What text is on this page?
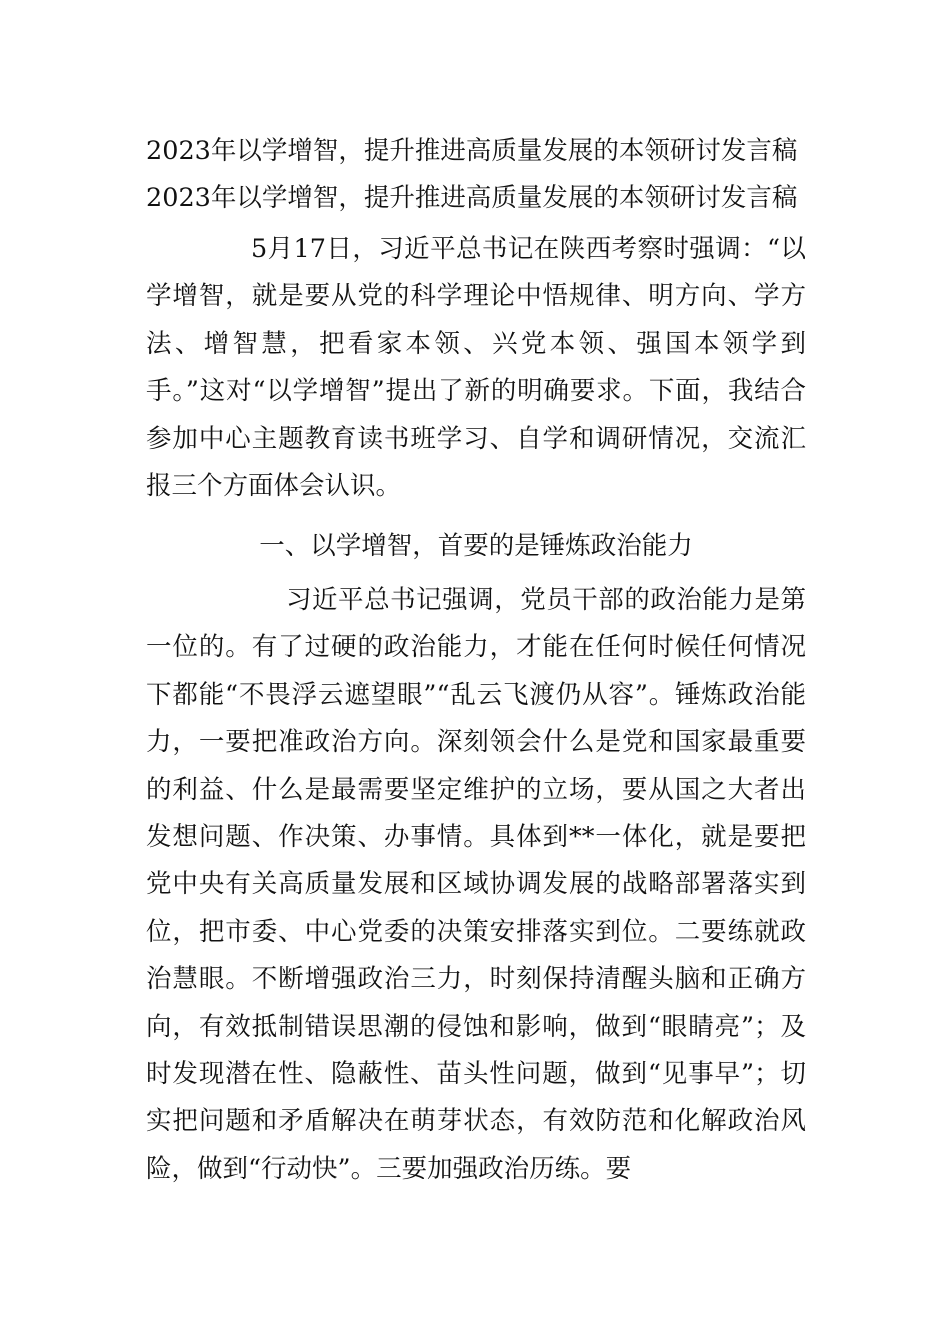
2023年以学增智，提升推进高质量发展的本领研讨发言稿
2023年以学增智，提升推进高质量发展的本领研讨发言稿

5月17日，习近平总书记在陕西考察时强调：“以学增智，就是要从党的科学理论中悟规律、明方向、学方法、增智慧，把看家本领、兴党本领、强国本领学到手。”这对“以学增智”提出了新的明确要求。下面，我结合参加中心主题教育读书班学习、自学和调研情况，交流汇报三个方面体会认识。

一、以学增智，首要的是锤炼政治能力

习近平总书记强调，党员干部的政治能力是第一位的。有了过硬的政治能力，才能在任何时候任何情况下都能“不畏浮云遮望眼”“乱云飞渡仍从容”。锤炼政治能力，一要把准政治方向。深刻领会什么是党和国家最重要的利益、什么是最需要坚定维护的立场，要从国之大者出发想问题、作决策、办事情。具体到**一体化，就是要把党中央有关高质量发展和区域协调发展的战略部署落实到位，把市委、中心党委的决策安排落实到位。二要练就政治慧眼。不断增强政治三力，时刻保持清醒头脑和正确方向，有效抵制错误思潮的侵蚀和影响，做到“眼睛亮”；及时发现潜在性、隐蔽性、苗头性问题，做到“见事早”；切实把问题和矛盾解决在萌芽状态，有效防范和化解政治风险，做到“行动快”。三要加强政治历练。要
